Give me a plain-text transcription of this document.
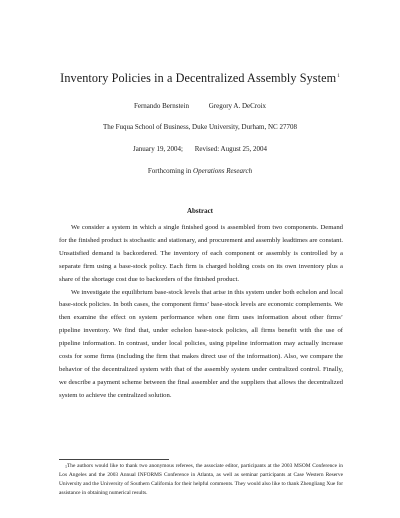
Inventory Policies in a Decentralized Assembly System$^1$
Fernando Bernstein	Gregory A. DeCroix
The Fuqua School of Business, Duke University, Durham, NC 27708
January 19, 2004; Revised: August 25, 2004
Forthcoming in Operations Research
Abstract

We consider a system in which a single finished good is assembled from two components. Demand for the finished product is stochastic and stationary, and procurement and assembly leadtimes are constant. Unsatisfied demand is backordered. The inventory of each component or assembly is controlled by a separate firm using a base-stock policy. Each firm is charged holding costs on its own inventory plus a share of the shortage cost due to backorders of the finished product.

We investigate the equilibrium base-stock levels that arise in this system under both echelon and local base-stock policies. In both cases, the component firms’ base-stock levels are economic complements. We then examine the effect on system performance when one firm uses information about other firms’ pipeline inventory. We find that, under echelon base-stock policies, all firms benefit with the use of pipeline information. In contrast, under local policies, using pipeline information may actually increase costs for some firms (including the firm that makes direct use of the information). Also, we compare the behavior of the decentralized system with that of the assembly system under centralized control. Finally, we describe a payment scheme between the final assembler and the suppliers that allows the decentralized system to achieve the centralized solution.

$^1$The authors would like to thank two anonymous referees, the associate editor, participants at the 2003 MSOM Conference in Los Angeles and the 2003 Annual INFORMS Conference in Atlanta, as well as seminar participants at Case Western Reserve University and the University of Southern California for their helpful comments. They would also like to thank Zhengliang Xue for assistance in obtaining numerical results.
